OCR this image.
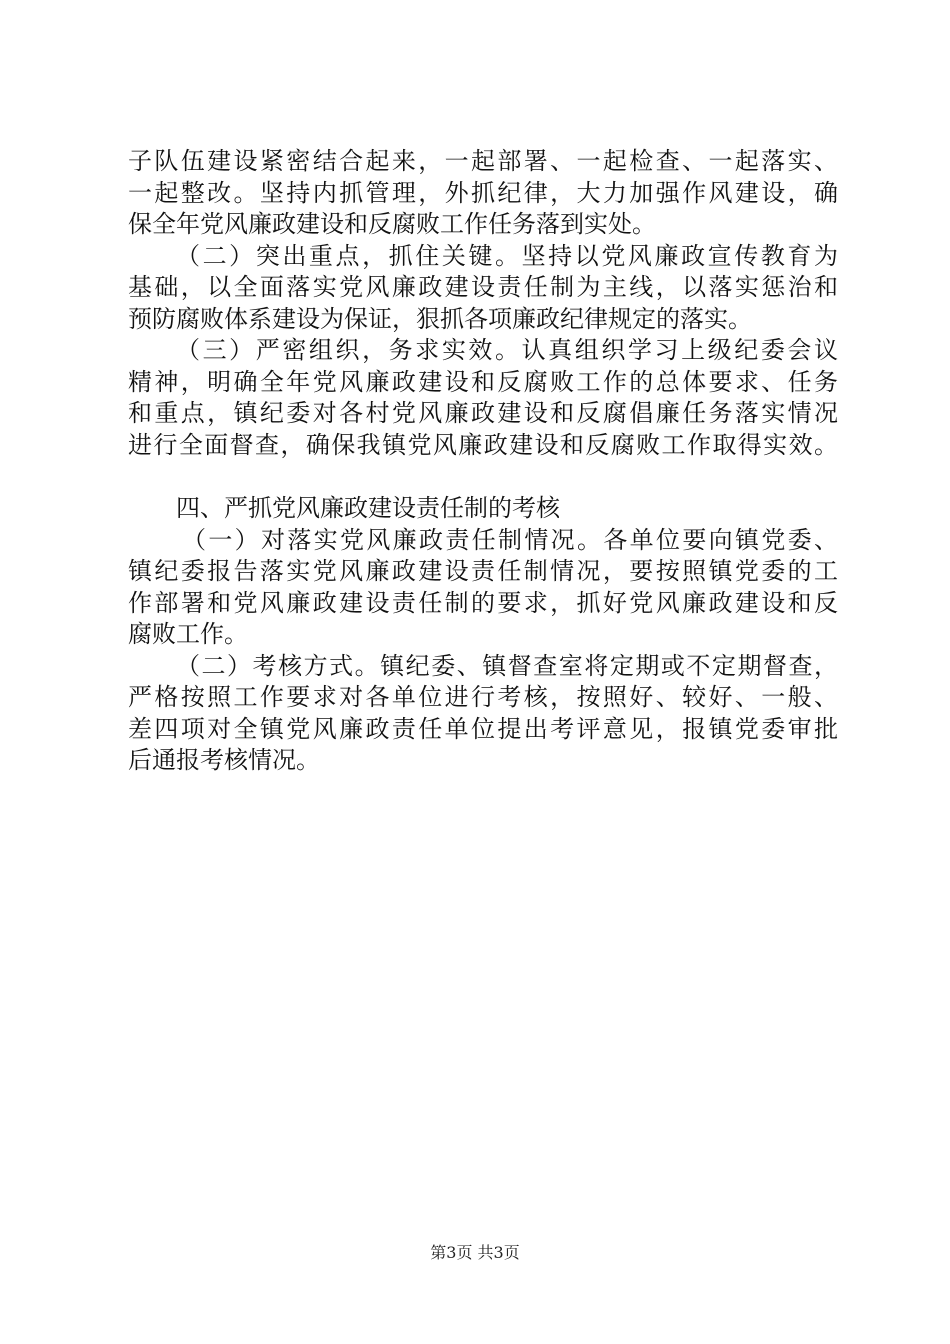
子队伍建设紧密结合起来，一起部署、一起检查、一起落实、
一起整改。坚持内抓管理，外抓纪律，大力加强作风建设，确
保全年党风廉政建设和反腐败工作任务落到实处。
（二）突出重点，抓住关键。坚持以党风廉政宣传教育为
基础，以全面落实党风廉政建设责任制为主线，以落实惩治和
预防腐败体系建设为保证，狠抓各项廉政纪律规定的落实。
（三）严密组织，务求实效。认真组织学习上级纪委会议
精神，明确全年党风廉政建设和反腐败工作的总体要求、任务
和重点，镇纪委对各村党风廉政建设和反腐倡廉任务落实情况
进行全面督查，确保我镇党风廉政建设和反腐败工作取得实效。
四、严抓党风廉政建设责任制的考核
（一）对落实党风廉政责任制情况。各单位要向镇党委、
镇纪委报告落实党风廉政建设责任制情况，要按照镇党委的工
作部署和党风廉政建设责任制的要求，抓好党风廉政建设和反
腐败工作。
（二）考核方式。镇纪委、镇督查室将定期或不定期督查，
严格按照工作要求对各单位进行考核，按照好、较好、一般、
差四项对全镇党风廉政责任单位提出考评意见，报镇党委审批
后通报考核情况。
第3页 共3页
